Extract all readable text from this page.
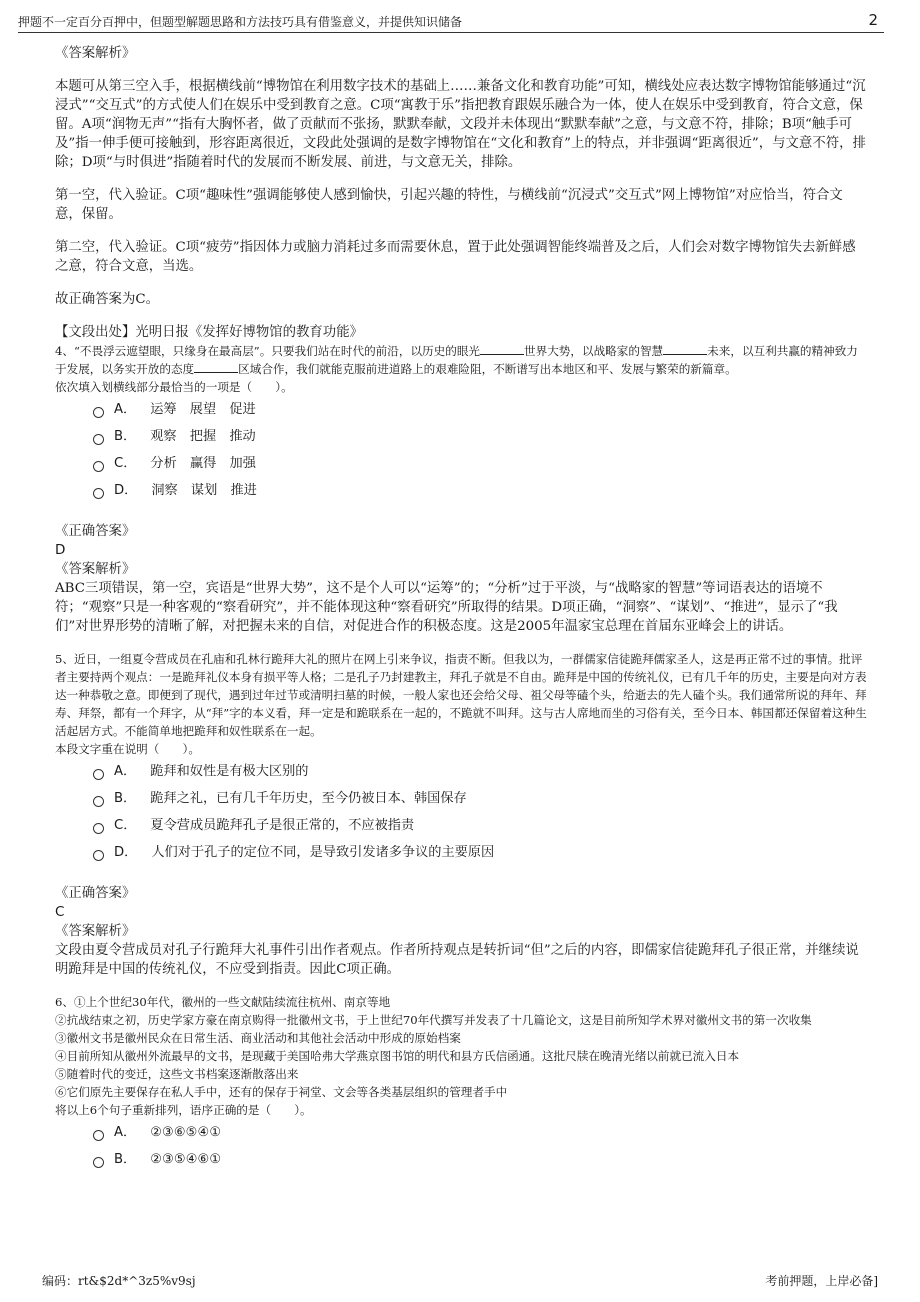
押题不一定百分百押中，但题型解题思路和方法技巧具有借鉴意义，并提供知识储备	2

《答案解析》

本题可从第三空入手，根据横线前“博物馆在利用数字技术的基础上……兼备文化和教育功能”可知，横线处应表达数字博物馆能够通过“沉浸式”“交互式”的方式使人们在娱乐中受到教育之意。C项“寓教于乐”指把教育跟娱乐融合为一体，使人在娱乐中受到教育，符合文意，保留。A项“润物无声”“指有大胸怀者，做了贡献而不张扬，默默奉献，文段并未体现出“默默奉献”之意，与文意不符，排除；B项“触手可及”指一伸手便可接触到，形容距离很近，文段此处强调的是数字博物馆在“文化和教育”上的特点，并非强调“距离很近”，与文意不符，排除；D项“与时俱进”指随着时代的发展而不断发展、前进，与文意无关，排除。

第一空，代入验证。C项“趣味性”强调能够使人感到愉快，引起兴趣的特性，与横线前“沉浸式”交互式”网上博物馆”对应恰当，符合文意，保留。

第二空，代入验证。C项“疲劳”指因体力或脑力消耗过多而需要休息，置于此处强调智能终端普及之后，人们会对数字博物馆失去新鲜感之意，符合文意，当选。

故正确答案为C。

【文段出处】光明日报《发挥好博物馆的教育功能》

4、“不畏浮云遮望眼，只缘身在最高层”。只要我们站在时代的前沿，以历史的眼光	世界大势，以战略家的智慧	未来，以互利共赢的精神致力于发展，以务实开放的态度	区域合作，我们就能克服前进道路上的艰难险阻，不断谱写出本地区和平、发展与繁荣的新篇章。

依次填入划横线部分最恰当的一项是（　　）。

A． 运筹　展望　促进
B． 观察　把握　推动
C． 分析　赢得　加强
D． 洞察　谋划　推进

《正确答案》

D

《答案解析》

ABC三项错误，第一空，宾语是“世界大势”，这不是个人可以“运筹”的；“分析”过于平淡，与“战略家的智慧”等词语表达的语境不符；“观察”只是一种客观的“察看研究”，并不能体现这种“察看研究”所取得的结果。D项正确，“洞察”、“谋划”、“推进”，显示了“我们”对世界形势的清晰了解，对把握未来的自信，对促进合作的积极态度。这是2005年温家宝总理在首届东亚峰会上的讲话。

5、近日，一组夏令营成员在孔庙和孔林行跪拜大礼的照片在网上引来争议，指责不断。但我以为，一群儒家信徒跪拜儒家圣人，这是再正常不过的事情。批评者主要持两个观点：一是跪拜礼仪本身有损平等人格；二是孔子乃封建教主，拜孔子就是不自由。跪拜是中国的传统礼仪，已有几千年的历史，主要是向对方表达一种恭敬之意。即便到了现代，遇到过年过节或清明扫墓的时候，一般人家也还会给父母、祖父母等磕个头，给逝去的先人磕个头。我们通常所说的拜年、拜寿、拜祭，都有一个拜字，从“拜”字的本义看，拜一定是和跪联系在一起的，不跪就不叫拜。这与古人席地而坐的习俗有关，至今日本、韩国都还保留着这种生活起居方式。不能简单地把跪拜和奴性联系在一起。

本段文字重在说明（　　）。

A． 跪拜和奴性是有极大区别的
B． 跪拜之礼，已有几千年历史，至今仍被日本、韩国保存
C． 夏令营成员跪拜孔子是很正常的，不应被指责
D． 人们对于孔子的定位不同，是导致引发诸多争议的主要原因

《正确答案》

C

《答案解析》

文段由夏令营成员对孔子行跪拜大礼事件引出作者观点。作者所持观点是转折词“但”之后的内容，即儒家信徒跪拜孔子很正常，并继续说明跪拜是中国的传统礼仪，不应受到指责。因此C项正确。

6、①上个世纪30年代，徽州的一些文献陆续流往杭州、南京等地

②抗战结束之初，历史学家方豪在南京购得一批徽州文书，于上世纪70年代撰写并发表了十几篇论文，这是目前所知学术界对徽州文书的第一次收集

③徽州文书是徽州民众在日常生活、商业活动和其他社会活动中形成的原始档案

④目前所知从徽州外流最早的文书，是现藏于美国哈弗大学燕京图书馆的明代和县方氏信函通。这批尺牍在晚清光绪以前就已流入日本

⑤随着时代的变迁，这些文书档案逐渐散落出来

⑥它们原先主要保存在私人手中，还有的保存于祠堂、文会等各类基层组织的管理者手中

将以上6个句子重新排列，语序正确的是（　　）。

A． ②③⑥⑤④①
B． ②③⑤④⑥①
编码：rt&$2d*^3z5%v9sj	考前押题，上岸必备]
